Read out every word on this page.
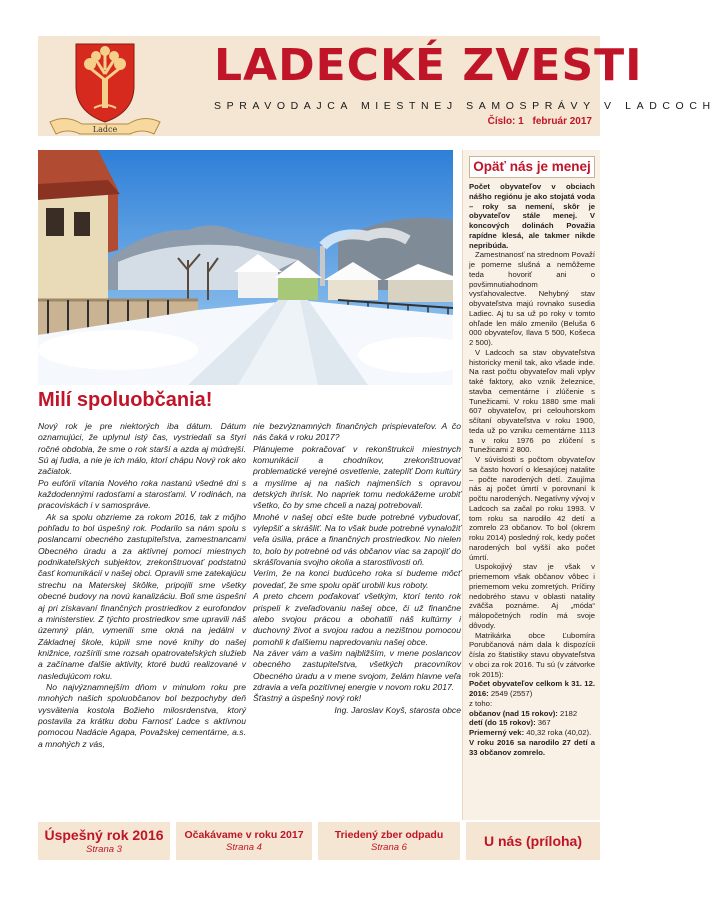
Ladce
LADECKÉ ZVESTI
SPRAVODAJCA MIESTNEJ SAMOSPRÁVY V LADCOCH
Číslo: 1 február 2017
Milí spoluobčania!

Nový rok je pre niektorých iba dátum. Dátum oznamujúci, že uplynul istý čas, vystriedali sa štyri ročné obdobia, že sme o rok starší a azda aj múdrejší. Sú aj ľudia, a nie je ich málo, ktorí chápu Nový rok ako začiatok.

Po eufórii vítania Nového roka nastanú všedné dni s každodennými radosťami a starosťami. V rodinách, na pracoviskách i v samospráve.

Ak sa spolu obzrieme za rokom 2016, tak z môjho pohľadu to bol úspešný rok. Podarilo sa nám spolu s poslancami obecného zastupiteľstva, zamestnancami Obecného úradu a za aktívnej pomoci miestnych podnikateľských subjektov, zrekonštruovať podstatnú časť komunikácií v našej obci. Opravili sme zatekajúcu strechu na Materskej škôlke, pripojili sme všetky obecné budovy na novú kanalizáciu. Boli sme úspešní aj pri získavaní finančných prostriedkov z eurofondov a ministerstiev. Z týchto prostriedkov sme upravili náš územný plán, vymenili sme okná na jedálni v Základnej škole, kúpili sme nové knihy do našej knižnice, rozšírili sme rozsah opatrovateľských služieb a začíname ďalšie aktivity, ktoré budú realizované v nasledujúcom roku.

No najvýznamnejším dňom v minulom roku pre mnohých našich spoluobčanov bol bezpochyby deň vysvätenia kostola Božieho milosrdenstva, ktorý postavila za krátku dobu Farnosť Ladce s aktívnou pomocou Nadácie Agapa, Považskej cementárne, a.s. a mnohých z vás,

nie bezvýznamných finančných prispievateľov. A čo nás čaká v roku 2017?

Plánujeme pokračovať v rekonštrukcii miestnych komunikácií a chodníkov, zrekonštruovať problematické verejné osvetlenie, zateplíť Dom kultúry a myslíme aj na našich najmenších s opravou detských ihrísk. No napriek tomu nedokážeme urobiť všetko, čo by sme chceli a nazaj potrebovali.

Mnohé v našej obci ešte bude potrebné vybudovať, vylepšiť a skrášliť. Na to však bude potrebné vynaložiť veľa úsilia, práce a finančných prostriedkov. No nielen to, bolo by potrebné od vás občanov viac sa zapojiť do skrášľovania svojho okolia a starostlivosti oň.

Verím, že na konci budúceho roka si budeme môcť povedať, že sme spolu opäť urobili kus roboty.

A preto chcem poďakovať všetkým, ktorí tento rok prispeli k zveľaďovaniu našej obce, či už finančne alebo svojou prácou a obohatili náš kultúrny i duchovný život a svojou radou a nezištnou pomocou pomohli k ďalšiemu napredovaniu našej obce.

Na záver vám a vašim najbližším, v mene poslancov obecného zastupiteľstva, všetkých pracovníkov Obecného úradu a v mene svojom, želám hlavne veľa zdravia a veľa pozitívnej energie v novom roku 2017.

Šťastný a úspešný nový rok!

Ing. Jaroslav Koyš, starosta obce

Opäť nás je menej

Počet obyvateľov v obciach nášho regiónu je ako stojatá voda – roky sa nemení, skôr je obyvateľov stále menej. V koncových dolinách Považia rapídne klesá, ale takmer nikde nepribúda.

Zamestnanosť na strednom Považí je pomerne slušná a nemôžeme teda hovoriť ani o povšimnutiahodnom vysťahovalectve. Nehybný stav obyvateľstva majú rovnako susedia Ladiec. Aj tu sa už po roky v tomto ohľade len málo zmenilo (Beluša 6 000 obyvateľov, Ilava 5 500, Košeca 2 500).

V Ladcoch sa stav obyvateľstva historicky menil tak, ako všade inde. Na rast počtu obyvateľov mali vplyv také faktory, ako vznik železnice, stavba cementárne i zlúčenie s Tunežicami. V roku 1880 sme mali 607 obyvateľov, pri celouhorskom sčítaní obyvateľstva v roku 1900, teda už po vzniku cementárne 1113 a v roku 1976 po zlúčení s Tunežicami 2 800.

V súvislosti s počtom obyvateľov sa často hovorí o klesajúcej natalite – počte narodených detí. Zaujíma nás aj počet úmrtí v porovnaní k počtu narodených. Negatívny vývoj v Ladcoch sa začal po roku 1993. V tom roku sa narodilo 42 detí a zomrelo 23 občanov. To bol (okrem roku 2014) posledný rok, kedy počet narodených bol vyšší ako počet úmrtí.

Uspokojivý stav je však v priememom však občanov vôbec i priememom veku zomretých. Príčiny nedobrého stavu v oblasti natality zväčša poznáme. Aj „móda“ málopočetných rodín má svoje dôvody.

Matrikárka obce Ľubomíra Porubčanová nám dala k dispozícii čísla zo štatistiky stavu obyvateľstva v obci za rok 2016. Tu sú (v zátvorke rok 2015):

Počet obyvateľov celkom k 31. 12. 2016: 2549 (2557)

z toho:

občanov (nad 15 rokov): 2182

detí (do 15 rokov): 367

Priemerný vek: 40,32 roka (40,02).

V roku 2016 sa narodilo 27 detí a 33 občanov zomrelo.

Úspešný rok 2016
Strana 3
Očakávame v roku 2017
Strana 4
Triedený zber odpadu
Strana 6	U nás (príloha)
